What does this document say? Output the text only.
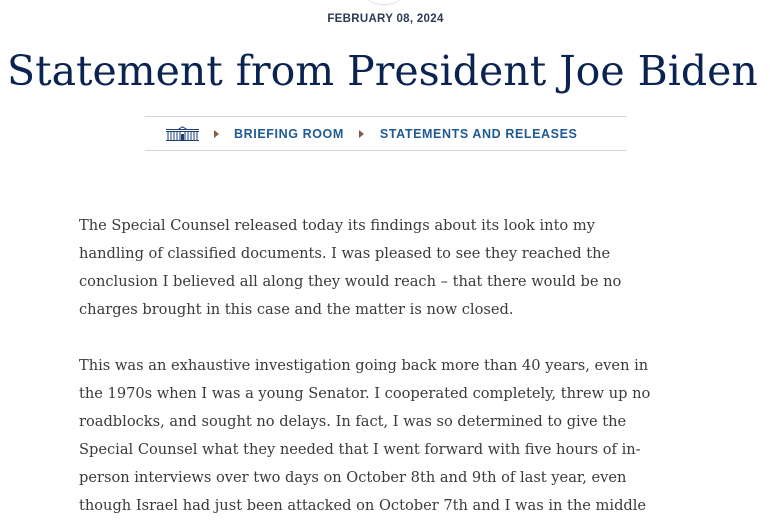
FEBRUARY 08, 2024
Statement from President Joe Biden
BRIEFING ROOM	STATEMENTS AND RELEASES

The Special Counsel released today its findings about its look into my
handling of classified documents. I was pleased to see they reached the
conclusion I believed all along they would reach – that there would be no
charges brought in this case and the matter is now closed.

This was an exhaustive investigation going back more than 40 years, even in
the 1970s when I was a young Senator. I cooperated completely, threw up no
roadblocks, and sought no delays. In fact, I was so determined to give the
Special Counsel what they needed that I went forward with five hours of in-
person interviews over two days on October 8th and 9th of last year, even
though Israel had just been attacked on October 7th and I was in the middle
